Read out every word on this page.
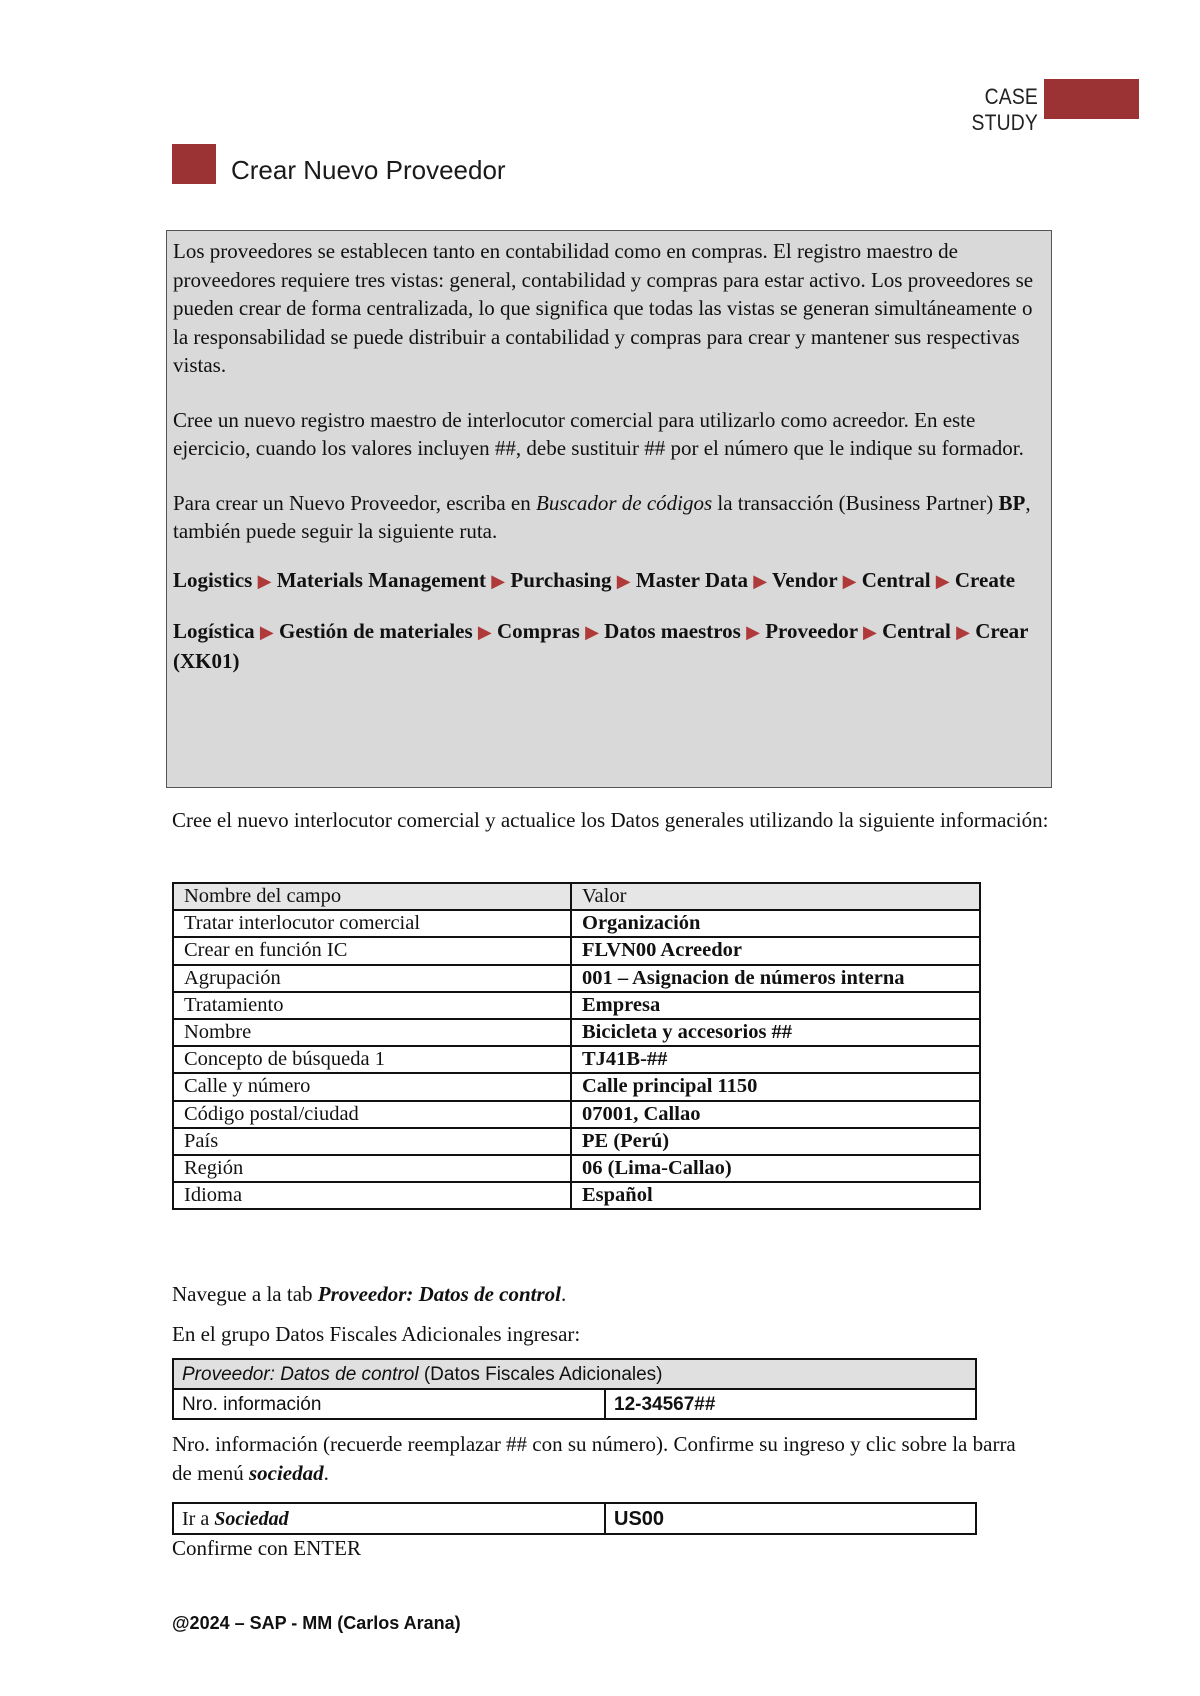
CASE STUDY
Crear Nuevo Proveedor

Los proveedores se establecen tanto en contabilidad como en compras. El registro maestro de proveedores requiere tres vistas: general, contabilidad y compras para estar activo. Los proveedores se pueden crear de forma centralizada, lo que significa que todas las vistas se generan simultáneamente o la responsabilidad se puede distribuir a contabilidad y compras para crear y mantener sus respectivas vistas.

Cree un nuevo registro maestro de interlocutor comercial para utilizarlo como acreedor. En este ejercicio, cuando los valores incluyen ##, debe sustituir ## por el número que le indique su formador.

Para crear un Nuevo Proveedor, escriba en Buscador de códigos la transacción (Business Partner) BP, también puede seguir la siguiente ruta.

Logistics ▶ Materials Management ▶ Purchasing ▶ Master Data ▶ Vendor ▶ Central ▶ Create

Logística ▶ Gestión de materiales ▶ Compras ▶ Datos maestros ▶ Proveedor ▶ Central ▶ Crear (XK01)

Cree el nuevo interlocutor comercial y actualice los Datos generales utilizando la siguiente información:

Nombre del campo	Valor
Tratar interlocutor comercial	Organización
Crear en función IC	FLVN00 Acreedor
Agrupación	001 – Asignacion de números interna
Tratamiento	Empresa
Nombre	Bicicleta y accesorios ##
Concepto de búsqueda 1	TJ41B-##
Calle y número	Calle principal 1150
Código postal/ciudad	07001, Callao
País	PE (Perú)
Región	06 (Lima-Callao)
Idioma	Español

Navegue a la tab Proveedor: Datos de control.

En el grupo Datos Fiscales Adicionales ingresar:

Proveedor: Datos de control (Datos Fiscales Adicionales)
Nro. información	12-34567##

Nro. información (recuerde reemplazar ## con su número). Confirme su ingreso y clic sobre la barra de menú sociedad.

Ir a Sociedad	US00

Confirme con ENTER

@2024 – SAP - MM (Carlos Arana)
